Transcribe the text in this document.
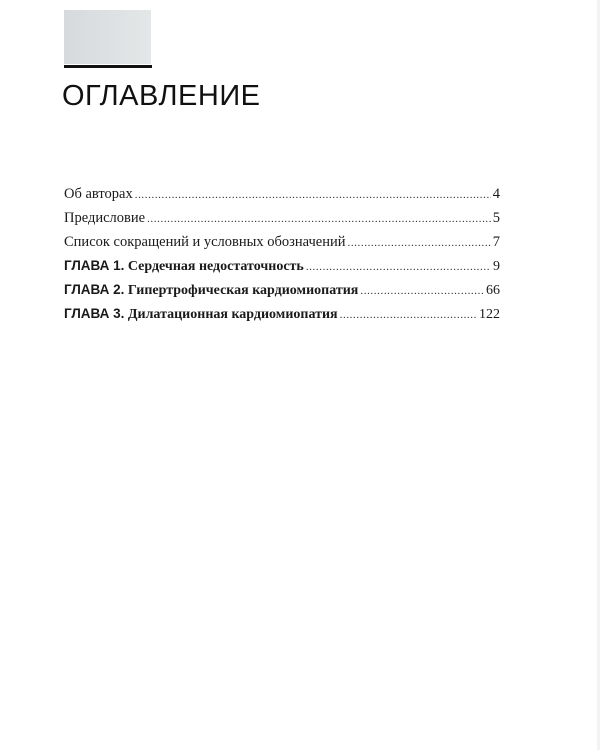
ОГЛАВЛЕНИЕ
Об авторах .....	4
Предисловие .....	5
Список сокращений и условных обозначений .....	7
ГЛАВА 1. Сердечная недостаточность .....	9
ГЛАВА 2. Гипертрофическая кардиомиопатия .....	66
ГЛАВА 3. Дилатационная кардиомиопатия .....	122
